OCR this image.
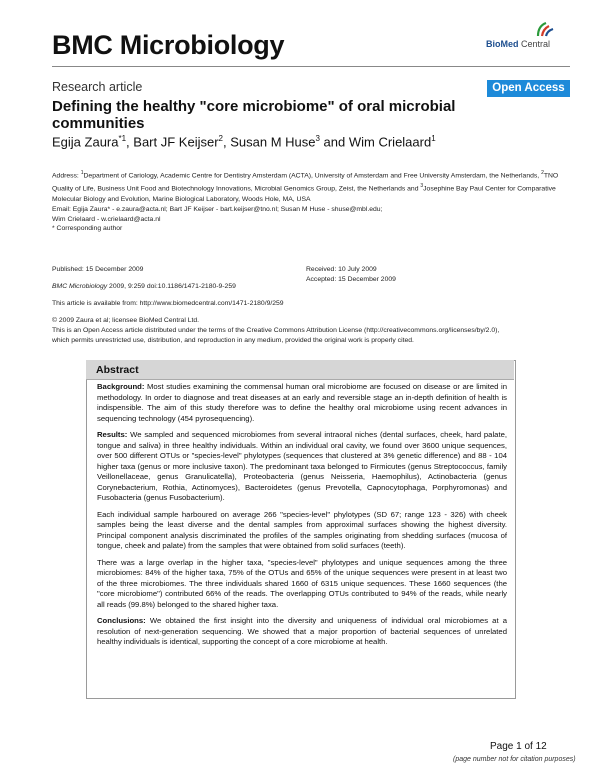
BMC Microbiology	BioMed Central
Research article	Open Access
Defining the healthy "core microbiome" of oral microbial communities
Egija Zaura$^{*1}$, Bart JF Keijser$^2$, Susan M Huse$^3$ and Wim Crielaard$^1$
Address: $^1$Department of Cariology, Academic Centre for Dentistry Amsterdam (ACTA), University of Amsterdam and Free University Amsterdam, the Netherlands, $^2$TNO Quality of Life, Business Unit Food and Biotechnology Innovations, Microbial Genomics Group, Zeist, the Netherlands and $^3$Josephine Bay Paul Center for Comparative Molecular Biology and Evolution, Marine Biological Laboratory, Woods Hole, MA, USA
Email: Egija Zaura* - e.zaura@acta.nl; Bart JF Keijser - bart.keijser@tno.nl; Susan M Huse - shuse@mbl.edu;
Wim Crielaard - w.crielaard@acta.nl
* Corresponding author
Published: 15 December 2009
BMC Microbiology 2009, 9:259 doi:10.1186/1471-2180-9-259
This article is available from: http://www.biomedcentral.com/1471-2180/9/259
© 2009 Zaura et al; licensee BioMed Central Ltd.
This is an Open Access article distributed under the terms of the Creative Commons Attribution License (http://creativecommons.org/licenses/by/2.0),
which permits unrestricted use, distribution, and reproduction in any medium, provided the original work is properly cited.
Received: 10 July 2009
Accepted: 15 December 2009
Abstract

Background: Most studies examining the commensal human oral microbiome are focused on disease or are limited in methodology. In order to diagnose and treat diseases at an early and reversible stage an in-depth definition of health is indispensible. The aim of this study therefore was to define the healthy oral microbiome using recent advances in sequencing technology (454 pyrosequencing).

Results: We sampled and sequenced microbiomes from several intraoral niches (dental surfaces, cheek, hard palate, tongue and saliva) in three healthy individuals. Within an individual oral cavity, we found over 3600 unique sequences, over 500 different OTUs or "species-level" phylotypes (sequences that clustered at 3% genetic difference) and 88 - 104 higher taxa (genus or more inclusive taxon). The predominant taxa belonged to Firmicutes (genus Streptococcus, family Veillonellaceae, genus Granulicatella), Proteobacteria (genus Neisseria, Haemophilus), Actinobacteria (genus Corynebacterium, Rothia, Actinomyces), Bacteroidetes (genus Prevotella, Capnocytophaga, Porphyromonas) and Fusobacteria (genus Fusobacterium).

Each individual sample harboured on average 266 "species-level" phylotypes (SD 67; range 123 - 326) with cheek samples being the least diverse and the dental samples from approximal surfaces showing the highest diversity. Principal component analysis discriminated the profiles of the samples originating from shedding surfaces (mucosa of tongue, cheek and palate) from the samples that were obtained from solid surfaces (teeth).

There was a large overlap in the higher taxa, "species-level" phylotypes and unique sequences among the three microbiomes: 84% of the higher taxa, 75% of the OTUs and 65% of the unique sequences were present in at least two of the three microbiomes. The three individuals shared 1660 of 6315 unique sequences. These 1660 sequences (the "core microbiome") contributed 66% of the reads. The overlapping OTUs contributed to 94% of the reads, while nearly all reads (99.8%) belonged to the shared higher taxa.

Conclusions: We obtained the first insight into the diversity and uniqueness of individual oral microbiomes at a resolution of next-generation sequencing. We showed that a major proportion of bacterial sequences of unrelated healthy individuals is identical, supporting the concept of a core microbiome at health.

Page 1 of 12
(page number not for citation purposes)
